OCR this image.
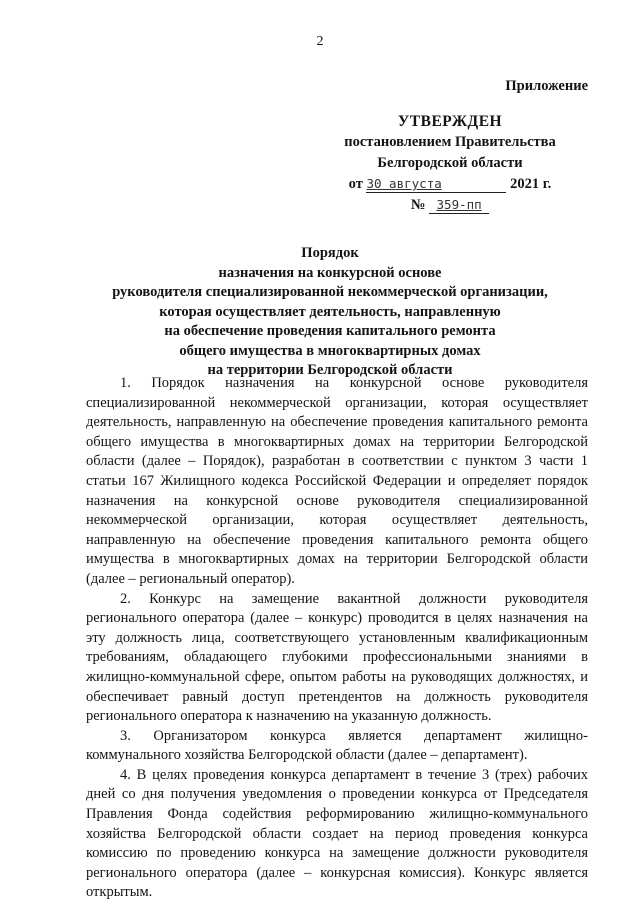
2
Приложение
УТВЕРЖДЕН
постановлением Правительства
Белгородской области
от 30 августа	2021 г.
№ 359-пп
Порядок
назначения на конкурсной основе
руководителя специализированной некоммерческой организации,
которая осуществляет деятельность, направленную
на обеспечение проведения капитального ремонта
общего имущества в многоквартирных домах
на территории Белгородской области

1. Порядок назначения на конкурсной основе руководителя специализированной некоммерческой организации, которая осуществляет деятельность, направленную на обеспечение проведения капитального ремонта общего имущества в многоквартирных домах на территории Белгородской области (далее – Порядок), разработан в соответствии с пунктом 3 части 1 статьи 167 Жилищного кодекса Российской Федерации и определяет порядок назначения на конкурсной основе руководителя специализированной некоммерческой организации, которая осуществляет деятельность, направленную на обеспечение проведения капитального ремонта общего имущества в многоквартирных домах на территории Белгородской области (далее – региональный оператор).

2. Конкурс на замещение вакантной должности руководителя регионального оператора (далее – конкурс) проводится в целях назначения на эту должность лица, соответствующего установленным квалификационным требованиям, обладающего глубокими профессиональными знаниями в жилищно-коммунальной сфере, опытом работы на руководящих должностях, и обеспечивает равный доступ претендентов на должность руководителя регионального оператора к назначению на указанную должность.

3. Организатором конкурса является департамент жилищно-коммунального хозяйства Белгородской области (далее – департамент).

4. В целях проведения конкурса департамент в течение 3 (трех) рабочих дней со дня получения уведомления о проведении конкурса от Председателя Правления Фонда содействия реформированию жилищно-коммунального хозяйства Белгородской области создает на период проведения конкурса комиссию по проведению конкурса на замещение должности руководителя регионального оператора (далее – конкурсная комиссия). Конкурс является открытым.
